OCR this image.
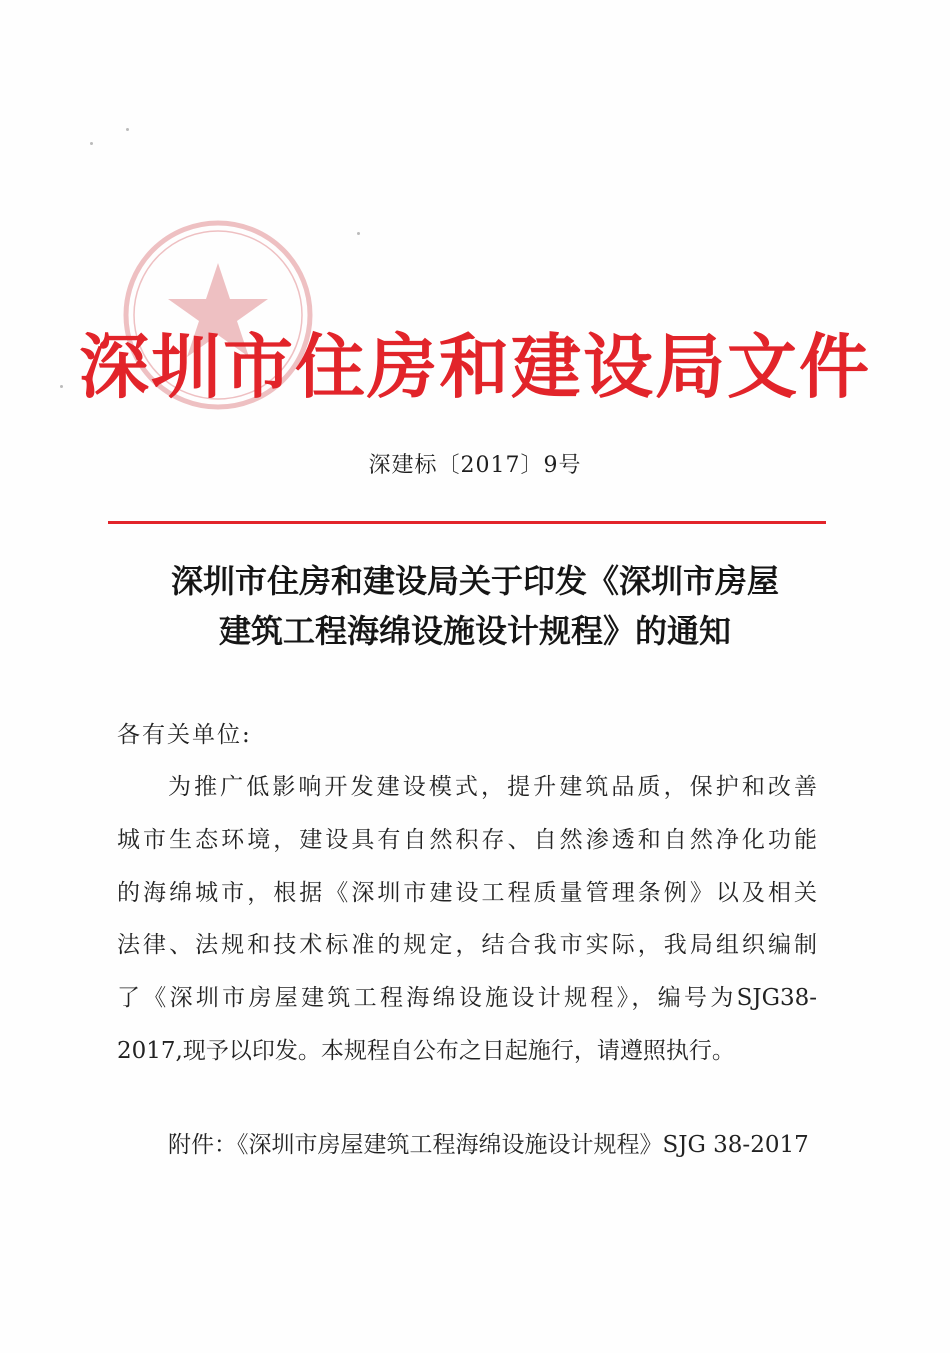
深圳市住房和建设局文件
深建标〔2017〕9号
深圳市住房和建设局关于印发《深圳市房屋
建筑工程海绵设施设计规程》的通知
各有关单位:
为推广低影响开发建设模式，提升建筑品质，保护和改善
城市生态环境，建设具有自然积存、自然渗透和自然净化功能
的海绵城市，根据《深圳市建设工程质量管理条例》以及相关
法律、法规和技术标准的规定，结合我市实际，我局组织编制
了《深圳市房屋建筑工程海绵设施设计规程》，编号为SJG38-
2017,现予以印发。本规程自公布之日起施行，请遵照执行。
附件：《深圳市房屋建筑工程海绵设施设计规程》SJG 38-2017
